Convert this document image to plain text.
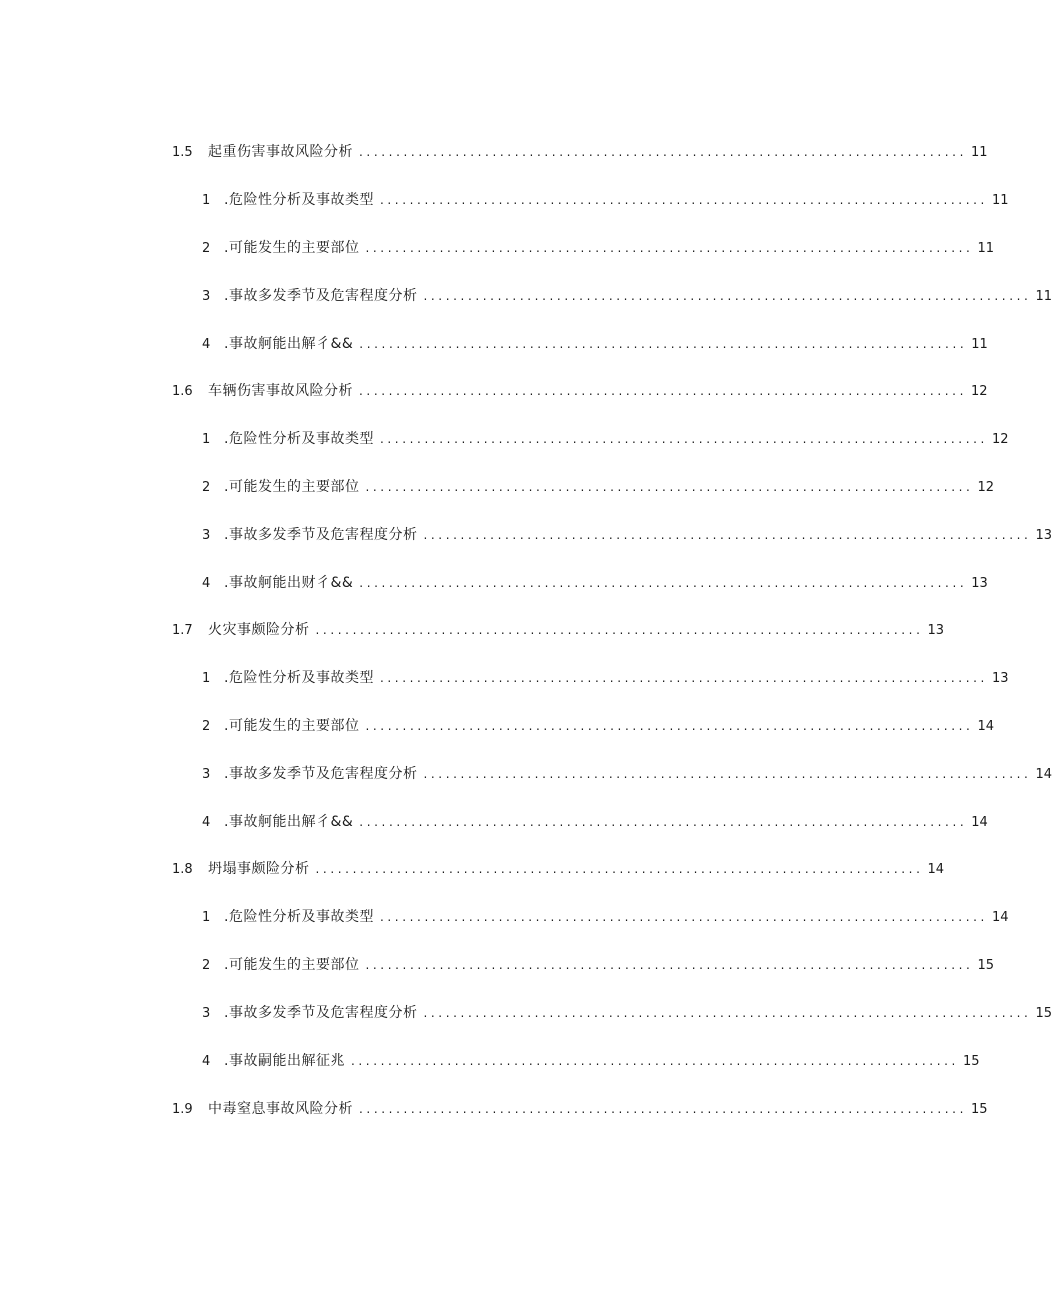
1.5	起重伤害事故风险分析 .................................................................................. 11
1 .危险性分析及事故类型 .................................................................................. 11
2 .可能发生的主要部位 .................................................................................. 11
3 .事故多发季节及危害程度分析 .................................................................................. 11
4 .事故舸能出解彳&& .................................................................................. 11
1.6	车辆伤害事故风险分析 .................................................................................. 12
1 .危险性分析及事故类型 .................................................................................. 12
2 .可能发生的主要部位 .................................................................................. 12
3 .事故多发季节及危害程度分析 .................................................................................. 13
4 .事故舸能出财彳&& .................................................................................. 13
1.7	火灾事颇险分析 .................................................................................. 13
1 .危险性分析及事故类型 .................................................................................. 13
2 .可能发生的主要部位 .................................................................................. 14
3 .事故多发季节及危害程度分析 .................................................................................. 14
4 .事故舸能出解彳&& .................................................................................. 14
1.8	坍塌事颇险分析 .................................................................................. 14
1 .危险性分析及事故类型 .................................................................................. 14
2 .可能发生的主要部位 .................................................................................. 15
3 .事故多发季节及危害程度分析 .................................................................................. 15
4 .事故嗣能出解征兆 .................................................................................. 15
1.9	中毒窒息事故风险分析 .................................................................................. 15
